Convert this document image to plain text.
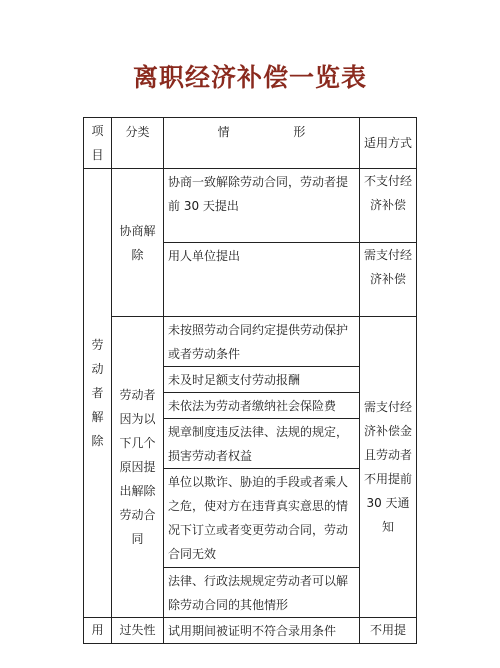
离职经济补偿一览表
项目	分类	情 形	适用方式
劳动者解除	协商解除	协商一致解除劳动合同，劳动者提前 30 天提出	不支付经济补偿
		用人单位提出	需支付经济补偿
	劳动者因为以下几个原因提出解除劳动合同	未按照劳动合同约定提供劳动保护或者劳动条件	需支付经济补偿金且劳动者不用提前 30 天通知
		未及时足额支付劳动报酬	
		未依法为劳动者缴纳社会保险费	
		规章制度违反法律、法规的规定，损害劳动者权益	
		单位以欺诈、胁迫的手段或者乘人之危，使对方在违背真实意思的情况下订立或者变更劳动合同，劳动合同无效	
		法律、行政法规规定劳动者可以解除劳动合同的其他情形	
用	过失性	试用期间被证明不符合录用条件	不用提
